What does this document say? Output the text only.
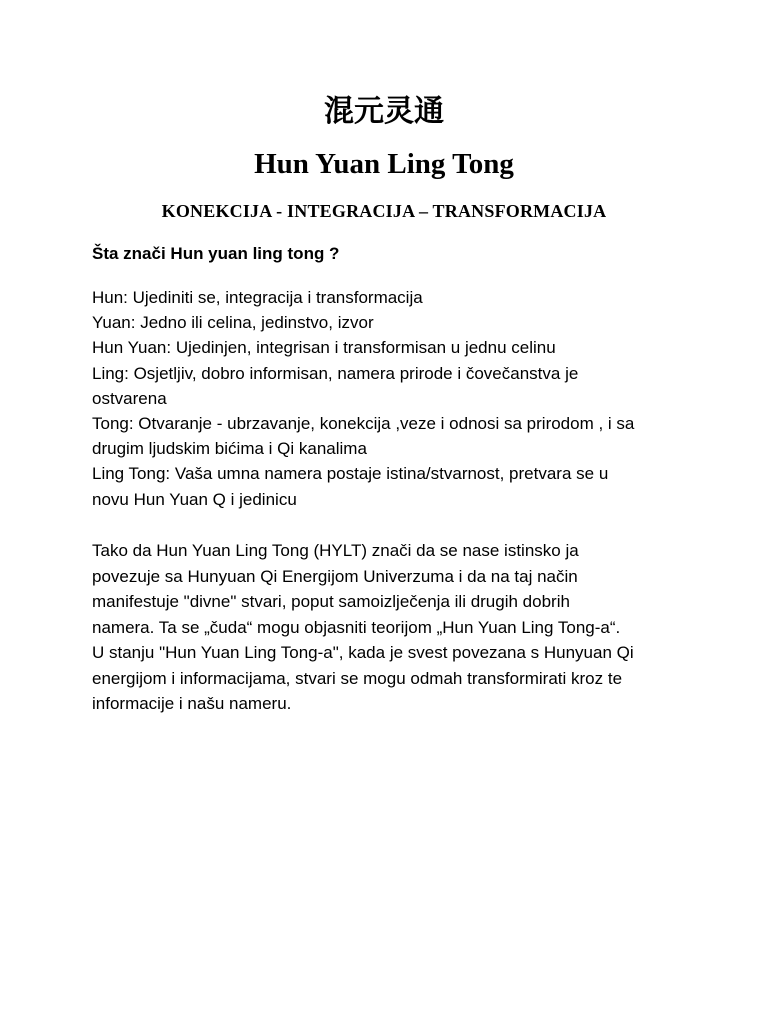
混元灵通
Hun Yuan Ling Tong
KONEKCIJA - INTEGRACIJA – TRANSFORMACIJA
Šta znači Hun yuan ling tong ?
Hun: Ujediniti se, integracija i transformacija
Yuan: Jedno ili celina, jedinstvo, izvor
Hun Yuan: Ujedinjen, integrisan i transformisan u jednu celinu
Ling: Osjetljiv, dobro informisan, namera prirode i čovečanstva je
ostvarena
Tong: Otvaranje - ubrzavanje, konekcija ,veze i odnosi sa prirodom , i sa
drugim ljudskim bićima i Qi kanalima
Ling Tong: Vaša umna namera postaje istina/stvarnost, pretvara se u
novu Hun Yuan Q i jedinicu
Tako da Hun Yuan Ling Tong (HYLT) znači da se nase istinsko ja
povezuje sa Hunyuan Qi Energijom Univerzuma i da na taj način
manifestuje "divne" stvari, poput samoizlječenja ili drugih dobrih
namera. Ta se „čuda“ mogu objasniti teorijom „Hun Yuan Ling Tong-a“.
U stanju "Hun Yuan Ling Tong-a", kada je svest povezana s Hunyuan Qi
energijom i informacijama, stvari se mogu odmah transformirati kroz te
informacije i našu nameru.
